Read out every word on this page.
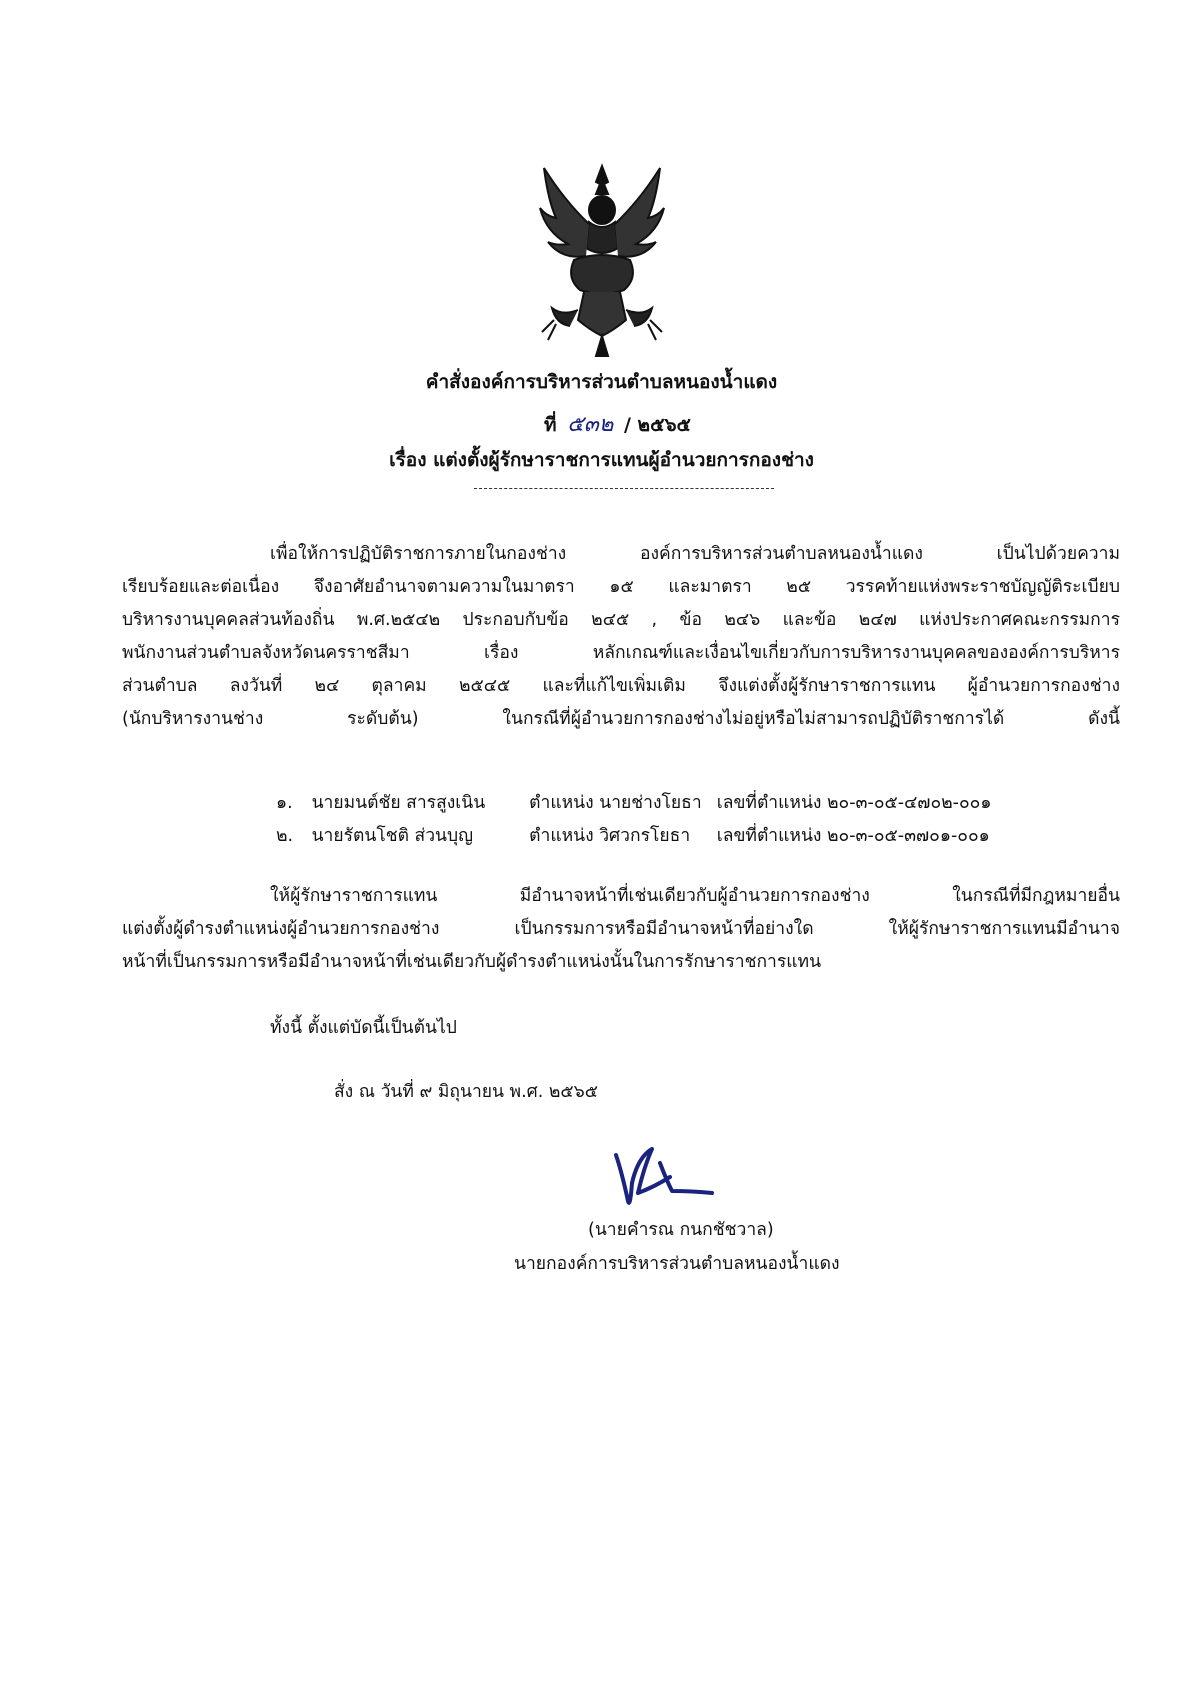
คำสั่งองค์การบริหารส่วนตำบลหนองน้ำแดง
ที่ ๕๓๒ / ๒๕๖๕
เรื่อง แต่งตั้งผู้รักษาราชการแทนผู้อำนวยการกองช่าง
เพื่อให้การปฏิบัติราชการภายในกองช่าง องค์การบริหารส่วนตำบลหนองน้ำแดง เป็นไปด้วยความ
เรียบร้อยและต่อเนื่อง จึงอาศัยอำนาจตามความในมาตรา ๑๕ และมาตรา ๒๕ วรรคท้ายแห่งพระราชบัญญัติระเบียบ
บริหารงานบุคคลส่วนท้องถิ่น พ.ศ.๒๕๔๒ ประกอบกับข้อ ๒๔๕ , ข้อ ๒๔๖ และข้อ ๒๔๗ แห่งประกาศคณะกรรมการ
พนักงานส่วนตำบลจังหวัดนครราชสีมา เรื่อง หลักเกณฑ์และเงื่อนไขเกี่ยวกับการบริหารงานบุคคลขององค์การบริหาร
ส่วนตำบล ลงวันที่ ๒๔ ตุลาคม ๒๕๔๕ และที่แก้ไขเพิ่มเติม จึงแต่งตั้งผู้รักษาราชการแทน ผู้อำนวยการกองช่าง
(นักบริหารงานช่าง ระดับต้น) ในกรณีที่ผู้อำนวยการกองช่างไม่อยู่หรือไม่สามารถปฏิบัติราชการได้ ดังนี้
๑. นายมนต์ชัย สารสูงเนิน	ตำแหน่ง นายช่างโยธา เลขที่ตำแหน่ง ๒๐-๓-๐๕-๔๗๐๒-๐๐๑
๒. นายรัตนโชติ ส่วนบุญ	ตำแหน่ง วิศวกรโยธา เลขที่ตำแหน่ง ๒๐-๓-๐๕-๓๗๐๑-๐๐๑
ให้ผู้รักษาราชการแทน มีอำนาจหน้าที่เช่นเดียวกับผู้อำนวยการกองช่าง ในกรณีที่มีกฎหมายอื่น
แต่งตั้งผู้ดำรงตำแหน่งผู้อำนวยการกองช่าง เป็นกรรมการหรือมีอำนาจหน้าที่อย่างใด ให้ผู้รักษาราชการแทนมีอำนาจ
หน้าที่เป็นกรรมการหรือมีอำนาจหน้าที่เช่นเดียวกับผู้ดำรงตำแหน่งนั้นในการรักษาราชการแทน
ทั้งนี้ ตั้งแต่บัดนี้เป็นต้นไป
สั่ง ณ วันที่ ๙ มิถุนายน พ.ศ. ๒๕๖๕
(นายคำรณ กนกชัชวาล)
นายกองค์การบริหารส่วนตำบลหนองน้ำแดง
